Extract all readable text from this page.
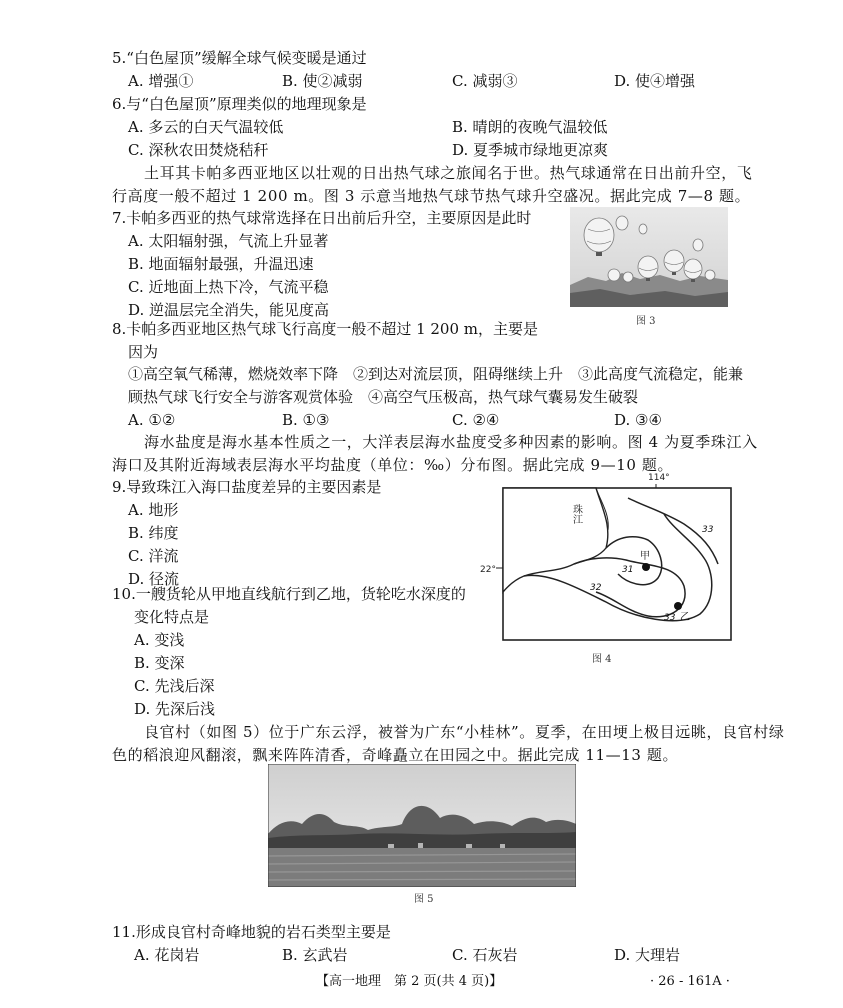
5.“白色屋顶”缓解全球气候变暖是通过
A. 增强①	B. 使②减弱	C. 减弱③	D. 使④增强
6.与“白色屋顶”原理类似的地理现象是
A. 多云的白天气温较低	B. 晴朗的夜晚气温较低
C. 深秋农田焚烧秸秆	D. 夏季城市绿地更凉爽
土耳其卡帕多西亚地区以壮观的日出热气球之旅闻名于世。热气球通常在日出前升空，飞
行高度一般不超过 1 200 m。图 3 示意当地热气球节热气球升空盛况。据此完成 7—8 题。
7.卡帕多西亚的热气球常选择在日出前后升空，主要原因是此时
A. 太阳辐射强，气流上升显著
B. 地面辐射最强，升温迅速
C. 近地面上热下冷，气流平稳
D. 逆温层完全消失，能见度高
图 3
8.卡帕多西亚地区热气球飞行高度一般不超过 1 200 m，主要是
因为
①高空氧气稀薄，燃烧效率下降　②到达对流层顶，阻碍继续上升　③此高度气流稳定，能兼
顾热气球飞行安全与游客观赏体验　④高空气压极高，热气球气囊易发生破裂
A. ①②	B. ①③	C. ②④	D. ③④
海水盐度是海水基本性质之一，大洋表层海水盐度受多种因素的影响。图 4 为夏季珠江入
海口及其附近海域表层海水平均盐度（单位：‰）分布图。据此完成 9—10 题。
9.导致珠江入海口盐度差异的主要因素是
A. 地形
B. 纬度
C. 洋流
D. 径流
114°
22°
珠江
甲
乙
31
32
33
33
图 4
10.一艘货轮从甲地直线航行到乙地，货轮吃水深度的
变化特点是
A. 变浅
B. 变深
C. 先浅后深
D. 先深后浅
良官村（如图 5）位于广东云浮，被誉为广东“小桂林”。夏季，在田埂上极目远眺，良官村绿
色的稻浪迎风翻滚，飘来阵阵清香，奇峰矗立在田园之中。据此完成 11—13 题。
图 5
11.形成良官村奇峰地貌的岩石类型主要是
A. 花岗岩	B. 玄武岩	C. 石灰岩	D. 大理岩
【高一地理　第 2 页(共 4 页)】	· 26 - 161A ·
